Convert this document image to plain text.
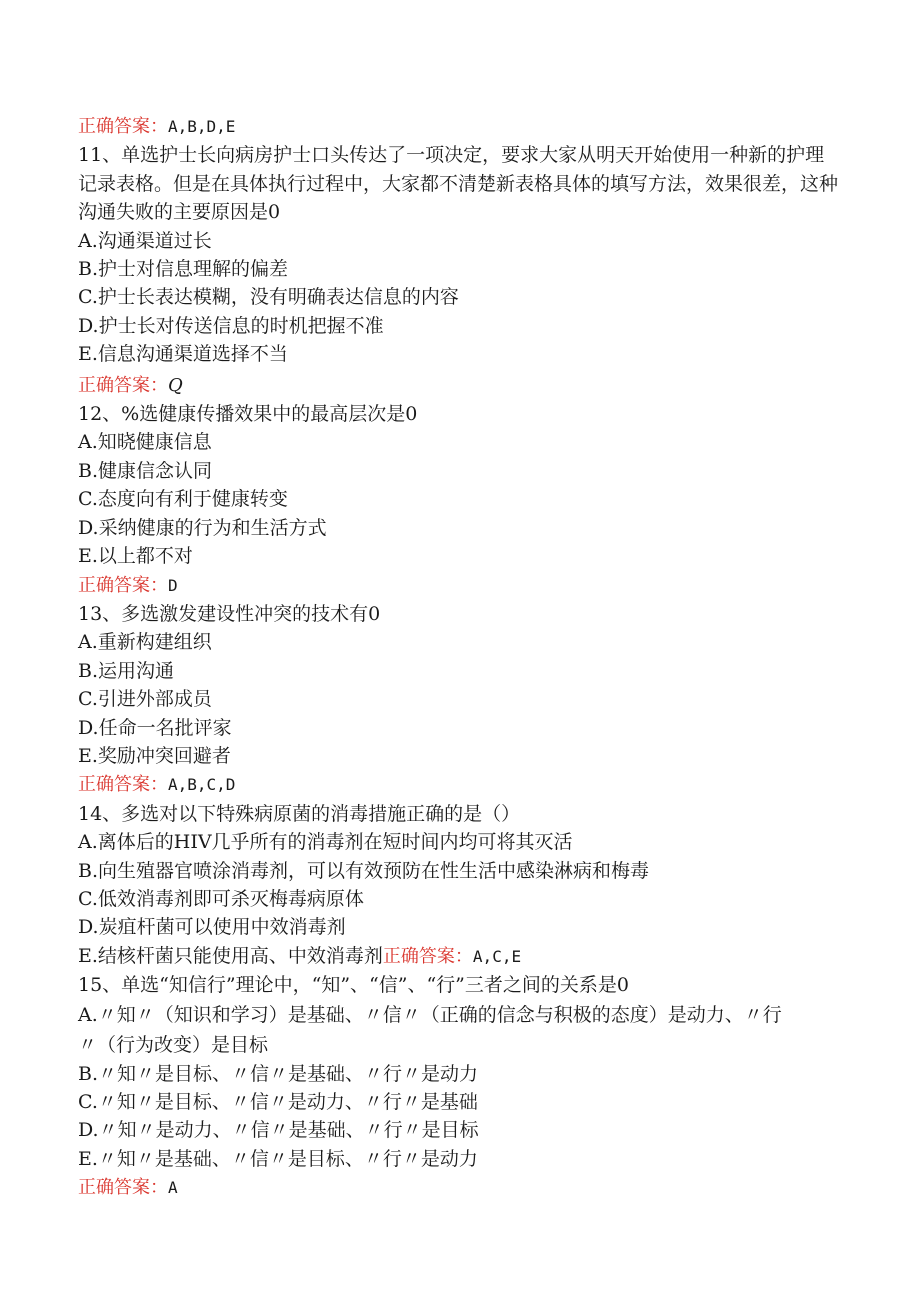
正确答案：A,B,D,E
11、单选护士长向病房护士口头传达了一项决定，要求大家从明天开始使用一种新的护理记录表格。但是在具体执行过程中，大家都不清楚新表格具体的填写方法，效果很差，这种沟通失败的主要原因是0
A.沟通渠道过长
B.护士对信息理解的偏差
C.护士长表达模糊，没有明确表达信息的内容
D.护士长对传送信息的时机把握不准
E.信息沟通渠道选择不当
正确答案：Q
12、%选健康传播效果中的最高层次是0
A.知晓健康信息
B.健康信念认同
C.态度向有利于健康转变
D.采纳健康的行为和生活方式
E.以上都不对
正确答案：D
13、多选激发建设性冲突的技术有0
A.重新构建组织
B.运用沟通
C.引进外部成员
D.任命一名批评家
E.奖励冲突回避者
正确答案：A,B,C,D
14、多选对以下特殊病原菌的消毒措施正确的是（）
A.离体后的HIV几乎所有的消毒剂在短时间内均可将其灭活
B.向生殖器官喷涂消毒剂，可以有效预防在性生活中感染淋病和梅毒
C.低效消毒剂即可杀灭梅毒病原体
D.炭疽杆菌可以使用中效消毒剂
E.结核杆菌只能使用高、中效消毒剂正确答案：A,C,E
15、单选“知信行”理论中，“知”、“信”、“行”三者之间的关系是0
A.〃知〃（知识和学习）是基础、〃信〃（正确的信念与积极的态度）是动力、〃行〃（行为改变）是目标
B.〃知〃是目标、〃信〃是基础、〃行〃是动力
C.〃知〃是目标、〃信〃是动力、〃行〃是基础
D.〃知〃是动力、〃信〃是基础、〃行〃是目标
E.〃知〃是基础、〃信〃是目标、〃行〃是动力
正确答案：A
